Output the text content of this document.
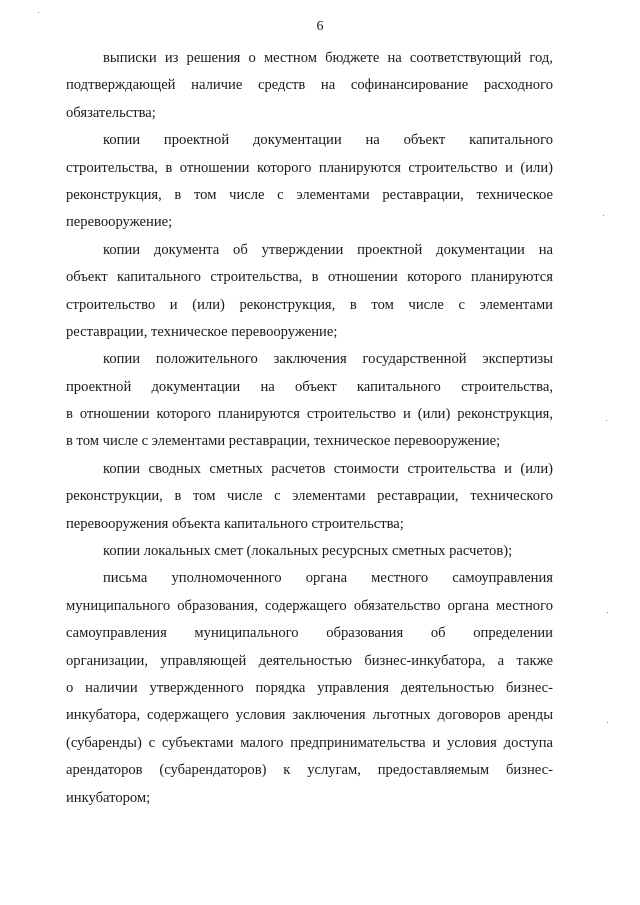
6

выписки из решения о местном бюджете на соответствующий год,
подтверждающей наличие средств на софинансирование расходного
обязательства;

копии проектной документации на объект капитального
строительства, в отношении которого планируются строительство и (или)
реконструкция, в том числе с элементами реставрации, техническое
перевооружение;

копии документа об утверждении проектной документации на
объект капитального строительства, в отношении которого планируются
строительство и (или) реконструкция, в том числе с элементами
реставрации, техническое перевооружение;

копии положительного заключения государственной экспертизы
проектной документации на объект капитального строительства,
в отношении которого планируются строительство и (или) реконструкция,
в том числе с элементами реставрации, техническое перевооружение;

копии сводных сметных расчетов стоимости строительства и (или)
реконструкции, в том числе с элементами реставрации, технического
перевооружения объекта капитального строительства;

копии локальных смет (локальных ресурсных сметных расчетов);

письма уполномоченного органа местного самоуправления
муниципального образования, содержащего обязательство органа местного
самоуправления муниципального образования об определении
организации, управляющей деятельностью бизнес-инкубатора, а также
о наличии утвержденного порядка управления деятельностью бизнес-
инкубатора, содержащего условия заключения льготных договоров аренды
(субаренды) с субъектами малого предпринимательства и условия доступа
арендаторов (субарендаторов) к услугам, предоставляемым бизнес-
инкубатором;
